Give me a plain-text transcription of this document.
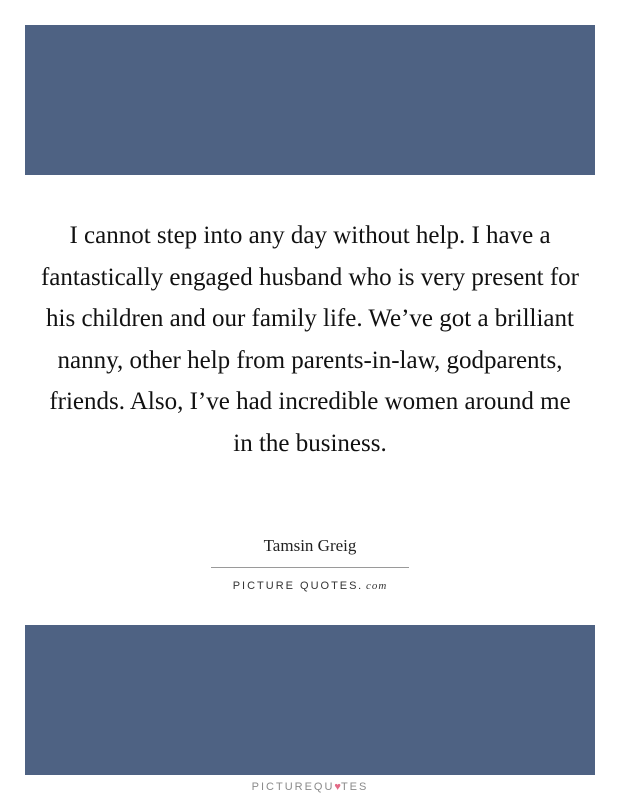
I cannot step into any day without help. I have a fantastically engaged husband who is very present for his children and our family life. We’ve got a brilliant nanny, other help from parents-in-law, godparents, friends. Also, I’ve had incredible women around me in the business.

Tamsin Greig

PICTURE QUOTES. com
PICTUREQU♥TES
